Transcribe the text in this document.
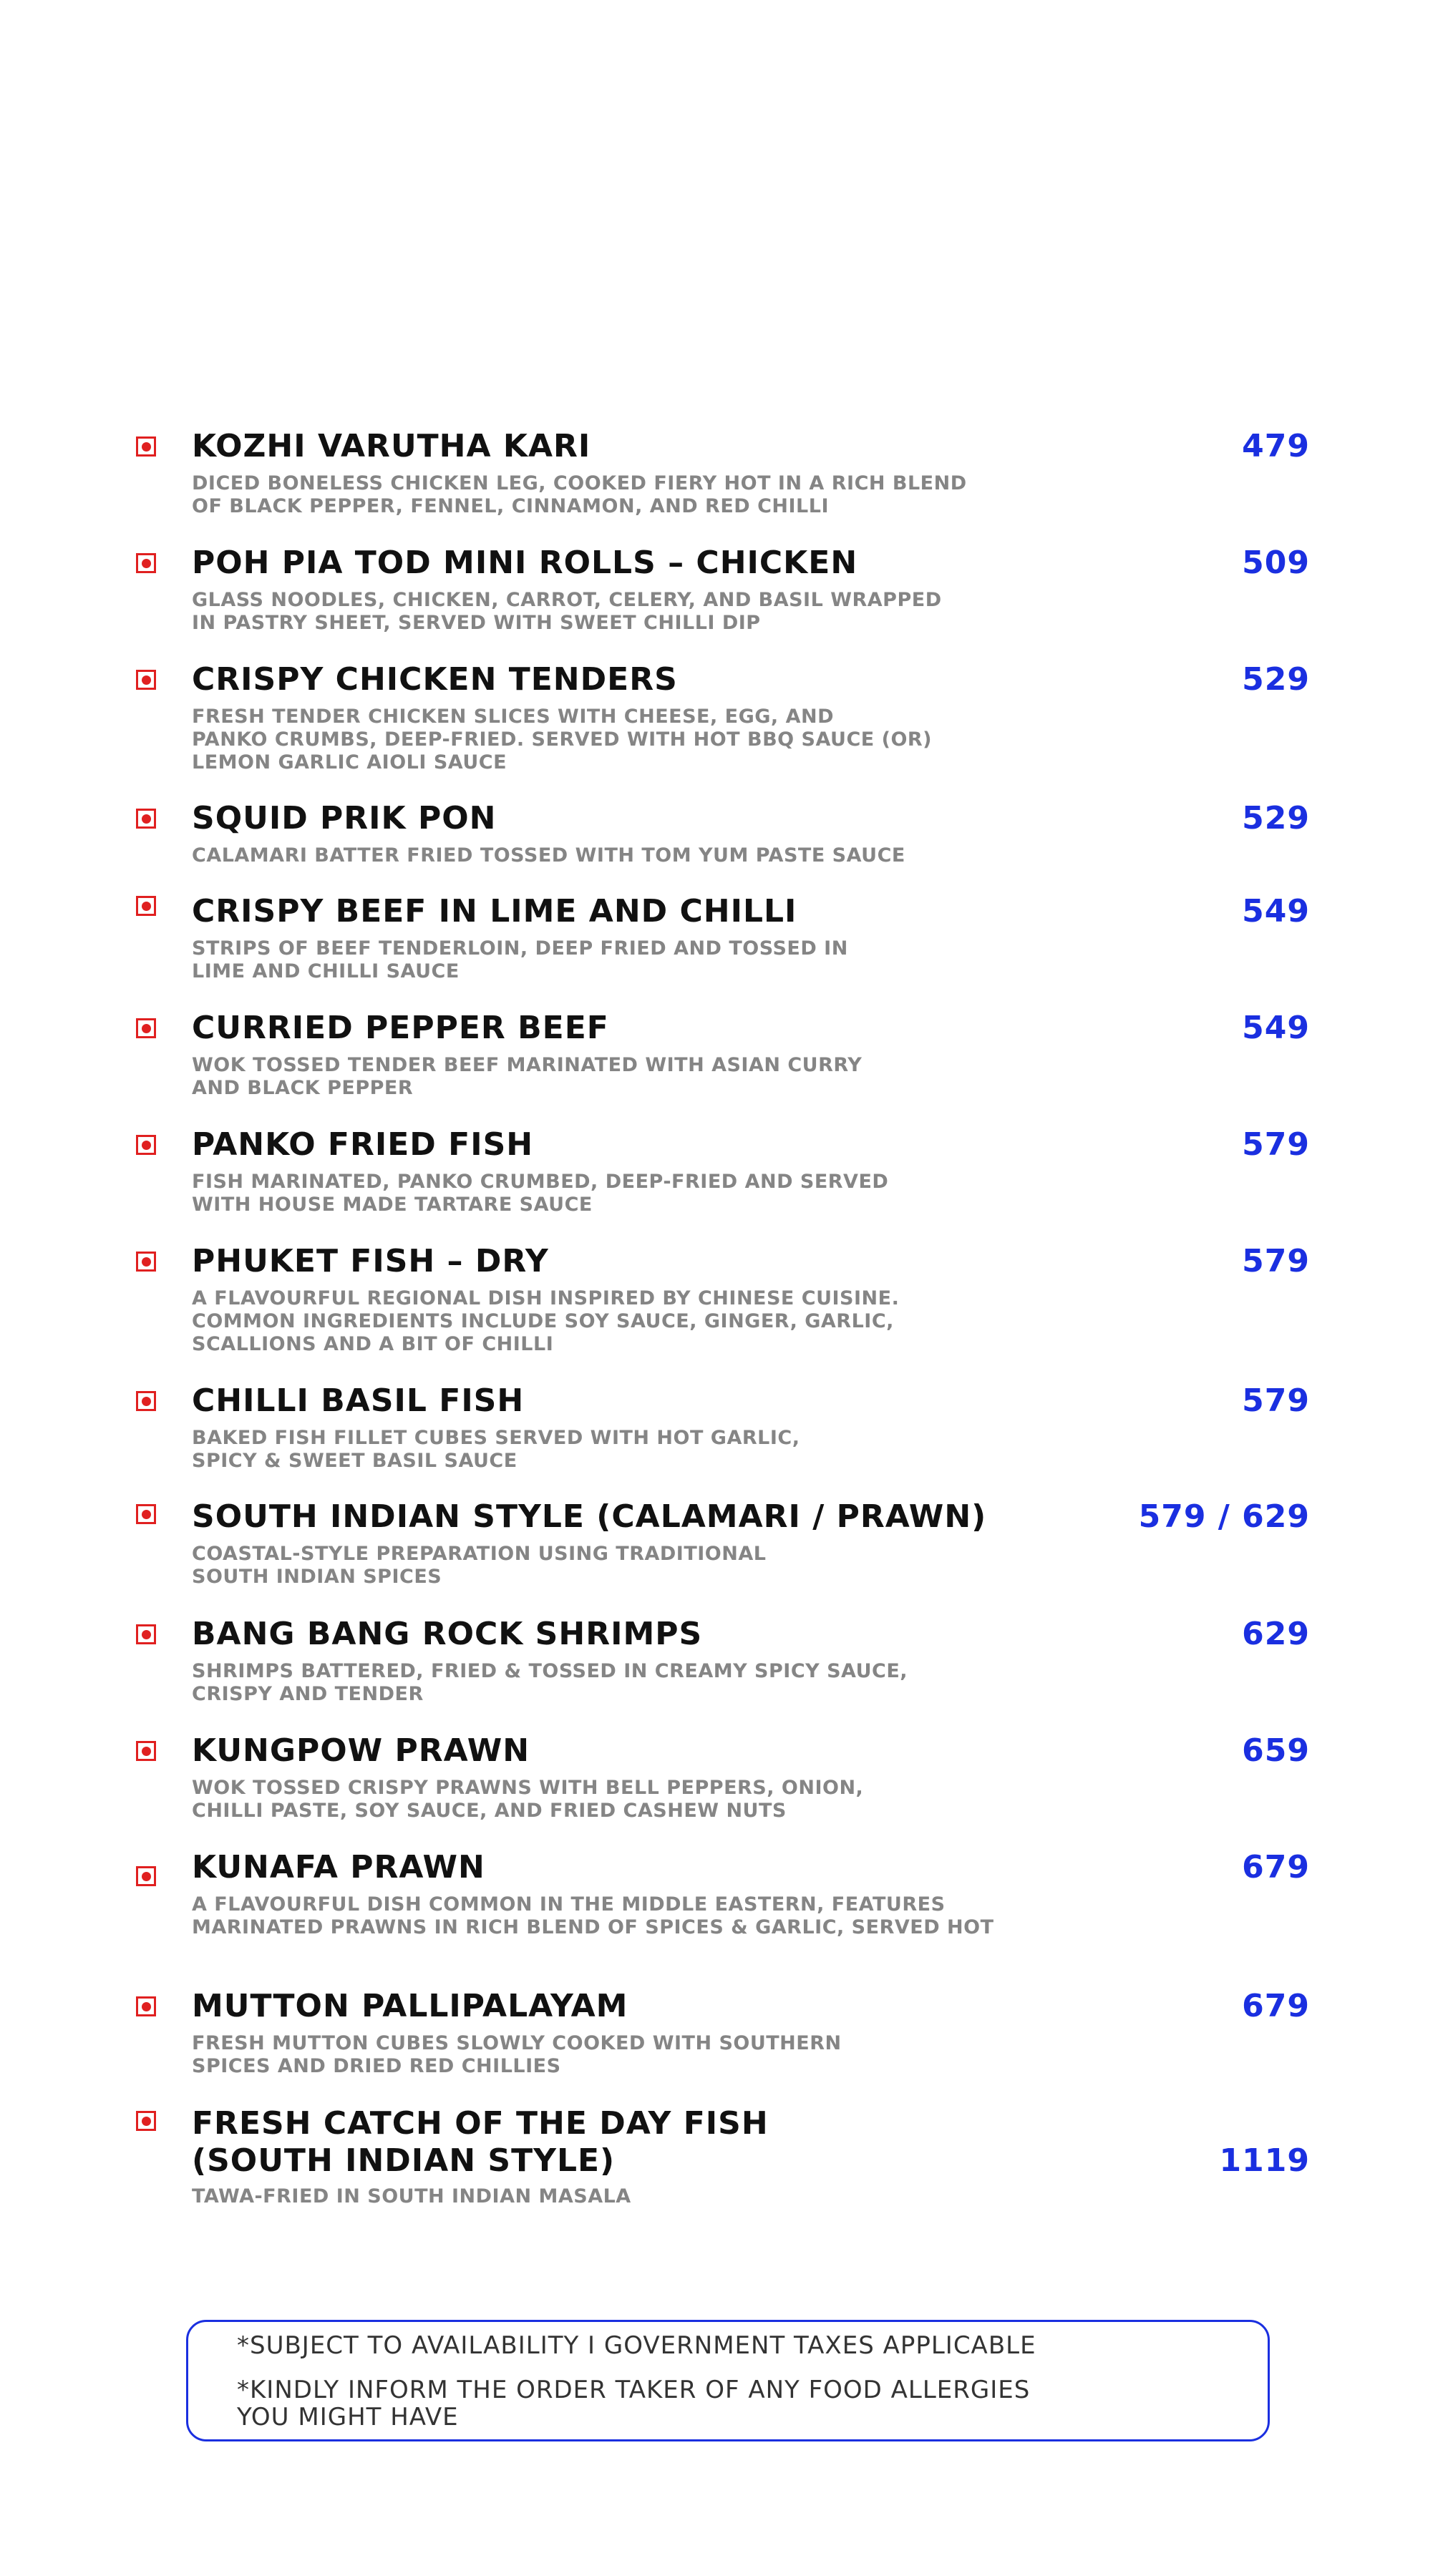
KOZHI VARUTHA KARI	479
DICED BONELESS CHICKEN LEG, COOKED FIERY HOT IN A RICH BLEND
OF BLACK PEPPER, FENNEL, CINNAMON, AND RED CHILLI
POH PIA TOD MINI ROLLS – CHICKEN	509
GLASS NOODLES, CHICKEN, CARROT, CELERY, AND BASIL WRAPPED
IN PASTRY SHEET, SERVED WITH SWEET CHILLI DIP
CRISPY CHICKEN TENDERS	529
FRESH TENDER CHICKEN SLICES WITH CHEESE, EGG, AND
PANKO CRUMBS, DEEP-FRIED. SERVED WITH HOT BBQ SAUCE (OR)
LEMON GARLIC AIOLI SAUCE
SQUID PRIK PON	529
CALAMARI BATTER FRIED TOSSED WITH TOM YUM PASTE SAUCE
CRISPY BEEF IN LIME AND CHILLI	549
STRIPS OF BEEF TENDERLOIN, DEEP FRIED AND TOSSED IN
LIME AND CHILLI SAUCE
CURRIED PEPPER BEEF	549
WOK TOSSED TENDER BEEF MARINATED WITH ASIAN CURRY
AND BLACK PEPPER
PANKO FRIED FISH	579
FISH MARINATED, PANKO CRUMBED, DEEP-FRIED AND SERVED
WITH HOUSE MADE TARTARE SAUCE
PHUKET FISH – DRY	579
A FLAVOURFUL REGIONAL DISH INSPIRED BY CHINESE CUISINE.
COMMON INGREDIENTS INCLUDE SOY SAUCE, GINGER, GARLIC,
SCALLIONS AND A BIT OF CHILLI
CHILLI BASIL FISH	579
BAKED FISH FILLET CUBES SERVED WITH HOT GARLIC,
SPICY & SWEET BASIL SAUCE
SOUTH INDIAN STYLE (CALAMARI / PRAWN)	579 / 629
COASTAL-STYLE PREPARATION USING TRADITIONAL
SOUTH INDIAN SPICES
BANG BANG ROCK SHRIMPS	629
SHRIMPS BATTERED, FRIED & TOSSED IN CREAMY SPICY SAUCE,
CRISPY AND TENDER
KUNGPOW PRAWN	659
WOK TOSSED CRISPY PRAWNS WITH BELL PEPPERS, ONION,
CHILLI PASTE, SOY SAUCE, AND FRIED CASHEW NUTS
KUNAFA PRAWN	679
A FLAVOURFUL DISH COMMON IN THE MIDDLE EASTERN, FEATURES
MARINATED PRAWNS IN RICH BLEND OF SPICES & GARLIC, SERVED HOT
MUTTON PALLIPALAYAM	679
FRESH MUTTON CUBES SLOWLY COOKED WITH SOUTHERN
SPICES AND DRIED RED CHILLIES
FRESH CATCH OF THE DAY FISH
(SOUTH INDIAN STYLE)	1119
TAWA-FRIED IN SOUTH INDIAN MASALA
*SUBJECT TO AVAILABILITY I GOVERNMENT TAXES APPLICABLE
*KINDLY INFORM THE ORDER TAKER OF ANY FOOD ALLERGIES
YOU MIGHT HAVE
